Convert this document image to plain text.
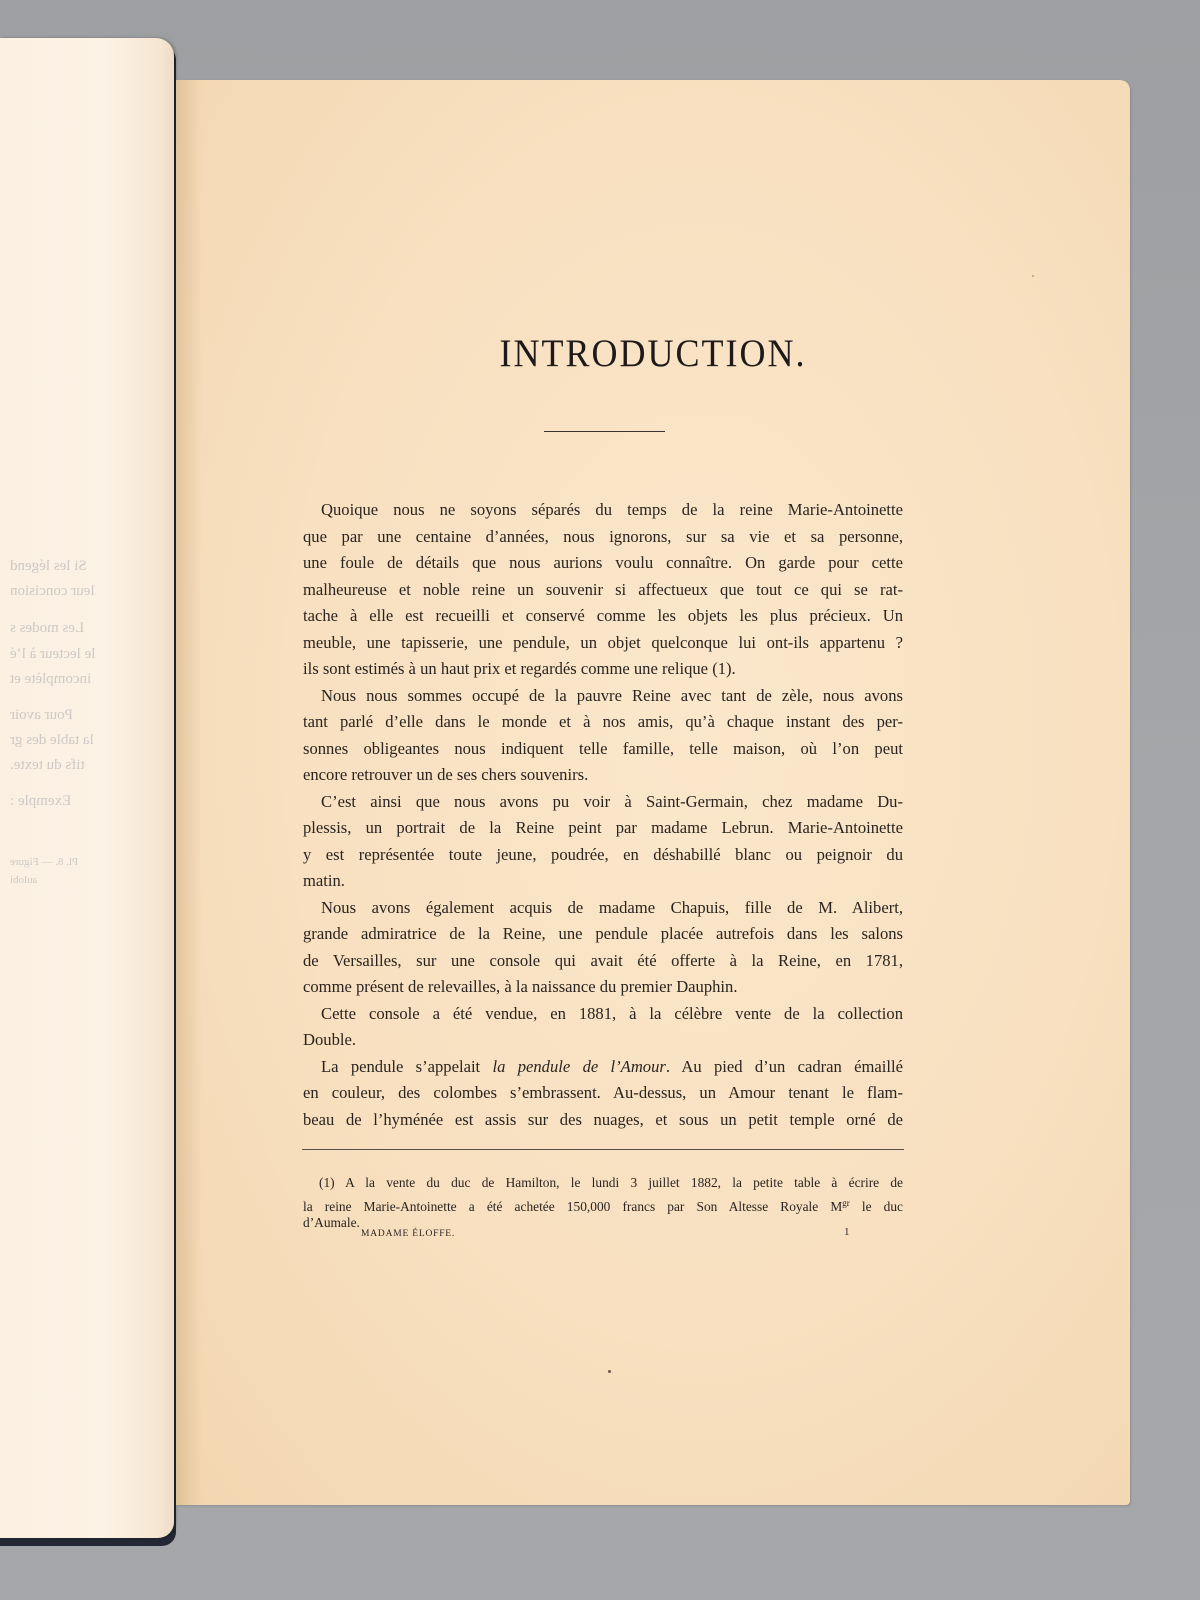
Si les légend
leur concision
Les modes s
le lecteur à l’é
incomplète et
Pour avoir
la table des gr
tifs du texte.
Exemple :
Pl. 8. — Figure
aulobi
INTRODUCTION.
Quoique nous ne soyons séparés du temps de la reine Marie-Antoinette
que par une centaine d’années, nous ignorons, sur sa vie et sa personne,
une foule de détails que nous aurions voulu connaître. On garde pour cette
malheureuse et noble reine un souvenir si affectueux que tout ce qui se rat-
tache à elle est recueilli et conservé comme les objets les plus précieux. Un
meuble, une tapisserie, une pendule, un objet quelconque lui ont-ils appartenu ?
ils sont estimés à un haut prix et regardés comme une relique (1).
Nous nous sommes occupé de la pauvre Reine avec tant de zèle, nous avons
tant parlé d’elle dans le monde et à nos amis, qu’à chaque instant des per-
sonnes obligeantes nous indiquent telle famille, telle maison, où l’on peut
encore retrouver un de ses chers souvenirs.
C’est ainsi que nous avons pu voir à Saint-Germain, chez madame Du-
plessis, un portrait de la Reine peint par madame Lebrun. Marie-Antoinette
y est représentée toute jeune, poudrée, en déshabillé blanc ou peignoir du
matin.
Nous avons également acquis de madame Chapuis, fille de M. Alibert,
grande admiratrice de la Reine, une pendule placée autrefois dans les salons
de Versailles, sur une console qui avait été offerte à la Reine, en 1781,
comme présent de relevailles, à la naissance du premier Dauphin.
Cette console a été vendue, en 1881, à la célèbre vente de la collection
Double.
La pendule s’appelait la pendule de l’Amour. Au pied d’un cadran émaillé
en couleur, des colombes s’embrassent. Au-dessus, un Amour tenant le flam-
beau de l’hyménée est assis sur des nuages, et sous un petit temple orné de
(1) A la vente du duc de Hamilton, le lundi 3 juillet 1882, la petite table à écrire de
la reine Marie-Antoinette a été achetée 150,000 francs par Son Altesse Royale $M^{gr}$ le duc
d’Aumale.
MADAME ÉLOFFE.	1
